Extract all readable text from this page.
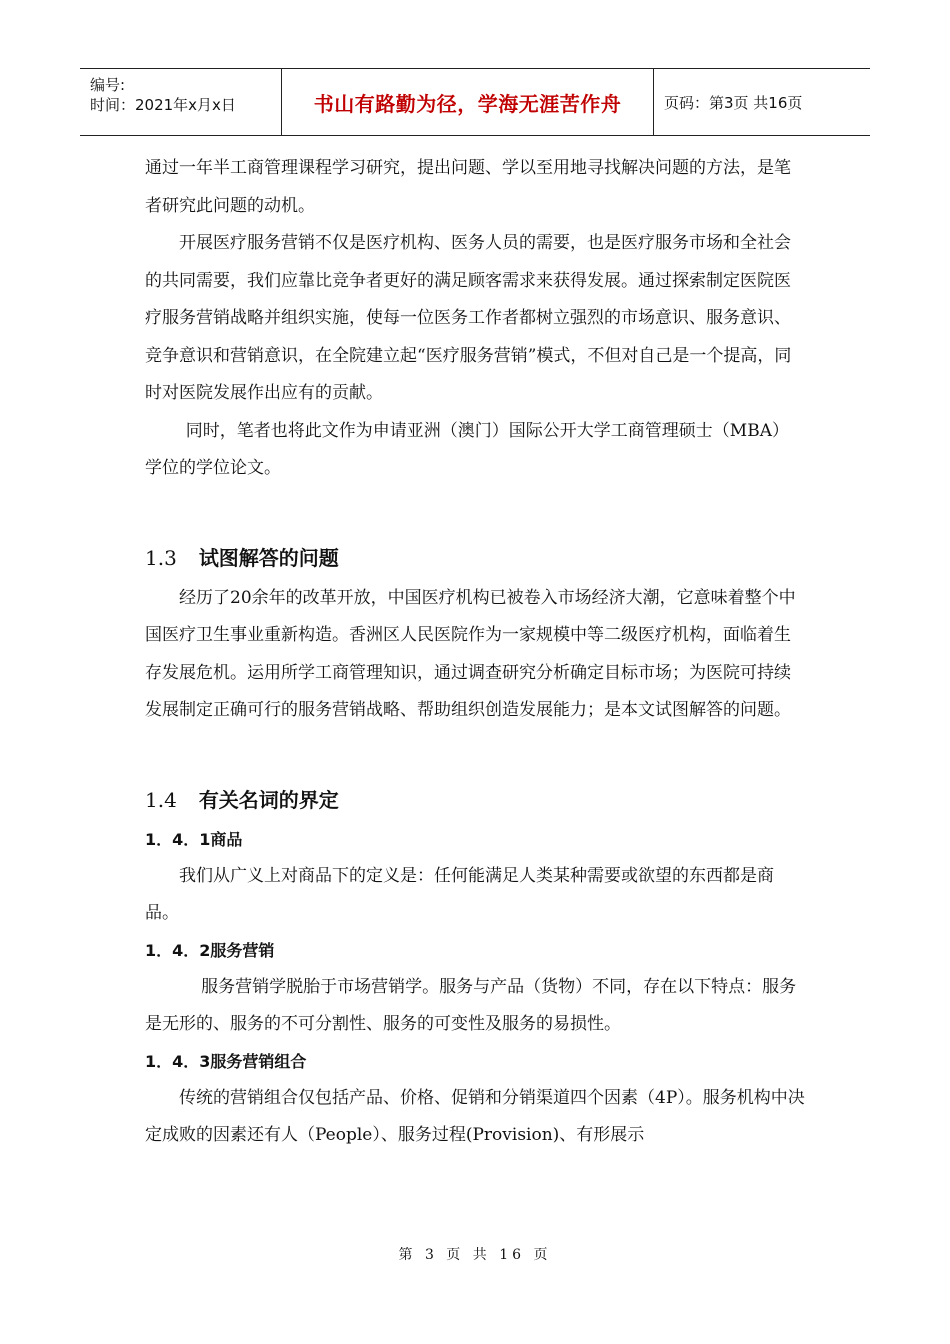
编号:
时间：2021年x月x日	书山有路勤为径，学海无涯苦作舟	页码：第3页 共16页

通过一年半工商管理课程学习研究，提出问题、学以至用地寻找解决问题的方法，是笔者研究此问题的动机。

开展医疗服务营销不仅是医疗机构、医务人员的需要，也是医疗服务市场和全社会的共同需要，我们应靠比竞争者更好的满足顾客需求来获得发展。通过探索制定医院医疗服务营销战略并组织实施，使每一位医务工作者都树立强烈的市场意识、服务意识、竞争意识和营销意识，在全院建立起“医疗服务营销”模式，不但对自己是一个提高，同时对医院发展作出应有的贡献。

同时，笔者也将此文作为申请亚洲（澳门）国际公开大学工商管理硕士（MBA）学位的学位论文。

1.3 试图解答的问题

经历了20余年的改革开放，中国医疗机构已被卷入市场经济大潮，它意味着整个中国医疗卫生事业重新构造。香洲区人民医院作为一家规模中等二级医疗机构，面临着生存发展危机。运用所学工商管理知识，通过调查研究分析确定目标市场；为医院可持续发展制定正确可行的服务营销战略、帮助组织创造发展能力；是本文试图解答的问题。

1.4 有关名词的界定
1．4．1商品

我们从广义上对商品下的定义是：任何能满足人类某种需要或欲望的东西都是商品。

1．4．2服务营销

服务营销学脱胎于市场营销学。服务与产品（货物）不同，存在以下特点：服务是无形的、服务的不可分割性、服务的可变性及服务的易损性。

1．4．3服务营销组合

传统的营销组合仅包括产品、价格、促销和分销渠道四个因素（4P）。服务机构中决定成败的因素还有人（People）、服务过程(Provision)、有形展示

第 3 页 共 16 页
